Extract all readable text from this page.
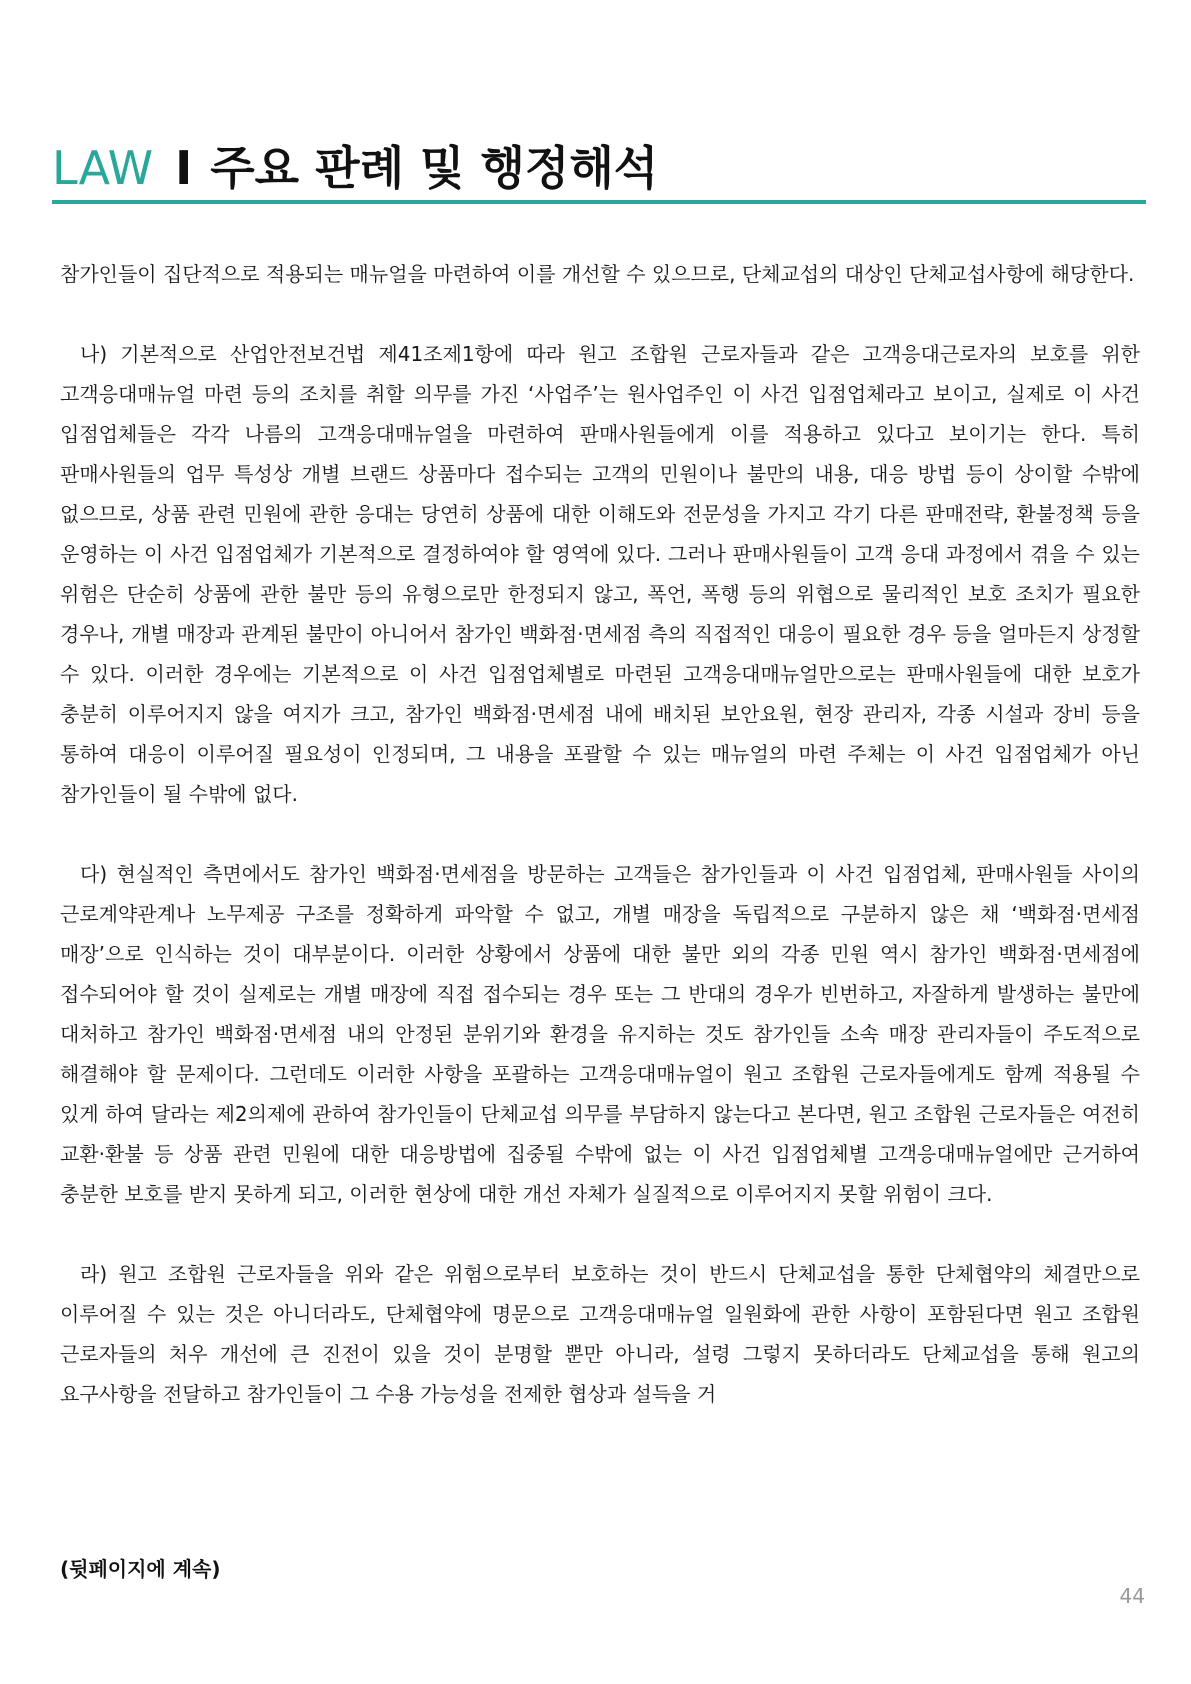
LAW I 주요 판례 및 행정해석

참가인들이 집단적으로 적용되는 매뉴얼을 마련하여 이를 개선할 수 있으므로, 단체교섭의 대상인 단체교섭사항에 해당한다.

나) 기본적으로 산업안전보건법 제41조제1항에 따라 원고 조합원 근로자들과 같은 고객응대근로자의 보호를 위한 고객응대매뉴얼 마련 등의 조치를 취할 의무를 가진 ‘사업주’는 원사업주인 이 사건 입점업체라고 보이고, 실제로 이 사건 입점업체들은 각각 나름의 고객응대매뉴얼을 마련하여 판매사원들에게 이를 적용하고 있다고 보이기는 한다. 특히 판매사원들의 업무 특성상 개별 브랜드 상품마다 접수되는 고객의 민원이나 불만의 내용, 대응 방법 등이 상이할 수밖에 없으므로, 상품 관련 민원에 관한 응대는 당연히 상품에 대한 이해도와 전문성을 가지고 각기 다른 판매전략, 환불정책 등을 운영하는 이 사건 입점업체가 기본적으로 결정하여야 할 영역에 있다. 그러나 판매사원들이 고객 응대 과정에서 겪을 수 있는 위험은 단순히 상품에 관한 불만 등의 유형으로만 한정되지 않고, 폭언, 폭행 등의 위협으로 물리적인 보호 조치가 필요한 경우나, 개별 매장과 관계된 불만이 아니어서 참가인 백화점·면세점 측의 직접적인 대응이 필요한 경우 등을 얼마든지 상정할 수 있다. 이러한 경우에는 기본적으로 이 사건 입점업체별로 마련된 고객응대매뉴얼만으로는 판매사원들에 대한 보호가 충분히 이루어지지 않을 여지가 크고, 참가인 백화점·면세점 내에 배치된 보안요원, 현장 관리자, 각종 시설과 장비 등을 통하여 대응이 이루어질 필요성이 인정되며, 그 내용을 포괄할 수 있는 매뉴얼의 마련 주체는 이 사건 입점업체가 아닌 참가인들이 될 수밖에 없다.

다) 현실적인 측면에서도 참가인 백화점·면세점을 방문하는 고객들은 참가인들과 이 사건 입점업체, 판매사원들 사이의 근로계약관계나 노무제공 구조를 정확하게 파악할 수 없고, 개별 매장을 독립적으로 구분하지 않은 채 ‘백화점·면세점 매장’으로 인식하는 것이 대부분이다. 이러한 상황에서 상품에 대한 불만 외의 각종 민원 역시 참가인 백화점·면세점에 접수되어야 할 것이 실제로는 개별 매장에 직접 접수되는 경우 또는 그 반대의 경우가 빈번하고, 자잘하게 발생하는 불만에 대처하고 참가인 백화점·면세점 내의 안정된 분위기와 환경을 유지하는 것도 참가인들 소속 매장 관리자들이 주도적으로 해결해야 할 문제이다. 그런데도 이러한 사항을 포괄하는 고객응대매뉴얼이 원고 조합원 근로자들에게도 함께 적용될 수 있게 하여 달라는 제2의제에 관하여 참가인들이 단체교섭 의무를 부담하지 않는다고 본다면, 원고 조합원 근로자들은 여전히 교환·환불 등 상품 관련 민원에 대한 대응방법에 집중될 수밖에 없는 이 사건 입점업체별 고객응대매뉴얼에만 근거하여 충분한 보호를 받지 못하게 되고, 이러한 현상에 대한 개선 자체가 실질적으로 이루어지지 못할 위험이 크다.

라) 원고 조합원 근로자들을 위와 같은 위험으로부터 보호하는 것이 반드시 단체교섭을 통한 단체협약의 체결만으로 이루어질 수 있는 것은 아니더라도, 단체협약에 명문으로 고객응대매뉴얼 일원화에 관한 사항이 포함된다면 원고 조합원 근로자들의 처우 개선에 큰 진전이 있을 것이 분명할 뿐만 아니라, 설령 그렇지 못하더라도 단체교섭을 통해 원고의 요구사항을 전달하고 참가인들이 그 수용 가능성을 전제한 협상과 설득을 거

(뒷페이지에 계속)

44
